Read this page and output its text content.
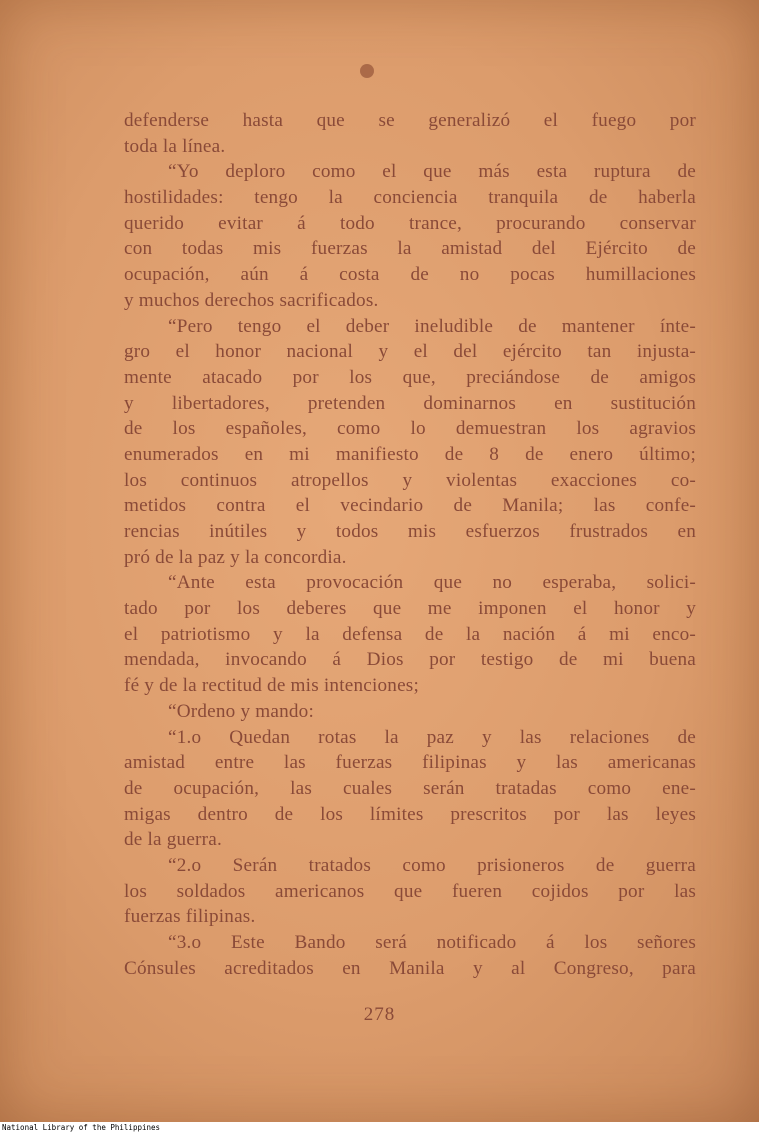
defenderse hasta que se generalizó el fuego por
toda la línea.
“Yo deploro como el que más esta ruptura de
hostilidades: tengo la conciencia tranquila de haberla
querido evitar á todo trance, procurando conservar
con todas mis fuerzas la amistad del Ejército de
ocupación, aún á costa de no pocas humillaciones
y muchos derechos sacrificados.
“Pero tengo el deber ineludible de mantener ínte-
gro el honor nacional y el del ejército tan injusta-
mente atacado por los que, preciándose de amigos
y libertadores, pretenden dominarnos en sustitución
de los españoles, como lo demuestran los agravios
enumerados en mi manifiesto de 8 de enero último;
los continuos atropellos y violentas exacciones co-
metidos contra el vecindario de Manila; las confe-
rencias inútiles y todos mis esfuerzos frustrados en
pró de la paz y la concordia.
“Ante esta provocación que no esperaba, solici-
tado por los deberes que me imponen el honor y
el patriotismo y la defensa de la nación á mi enco-
mendada, invocando á Dios por testigo de mi buena
fé y de la rectitud de mis intenciones;
“Ordeno y mando:
“1.o Quedan rotas la paz y las relaciones de
amistad entre las fuerzas filipinas y las americanas
de ocupación, las cuales serán tratadas como ene-
migas dentro de los límites prescritos por las leyes
de la guerra.
“2.o Serán tratados como prisioneros de guerra
los soldados americanos que fueren cojidos por las
fuerzas filipinas.
“3.o Este Bando será notificado á los señores
Cónsules acreditados en Manila y al Congreso, para
278
National Library of the Philippines
